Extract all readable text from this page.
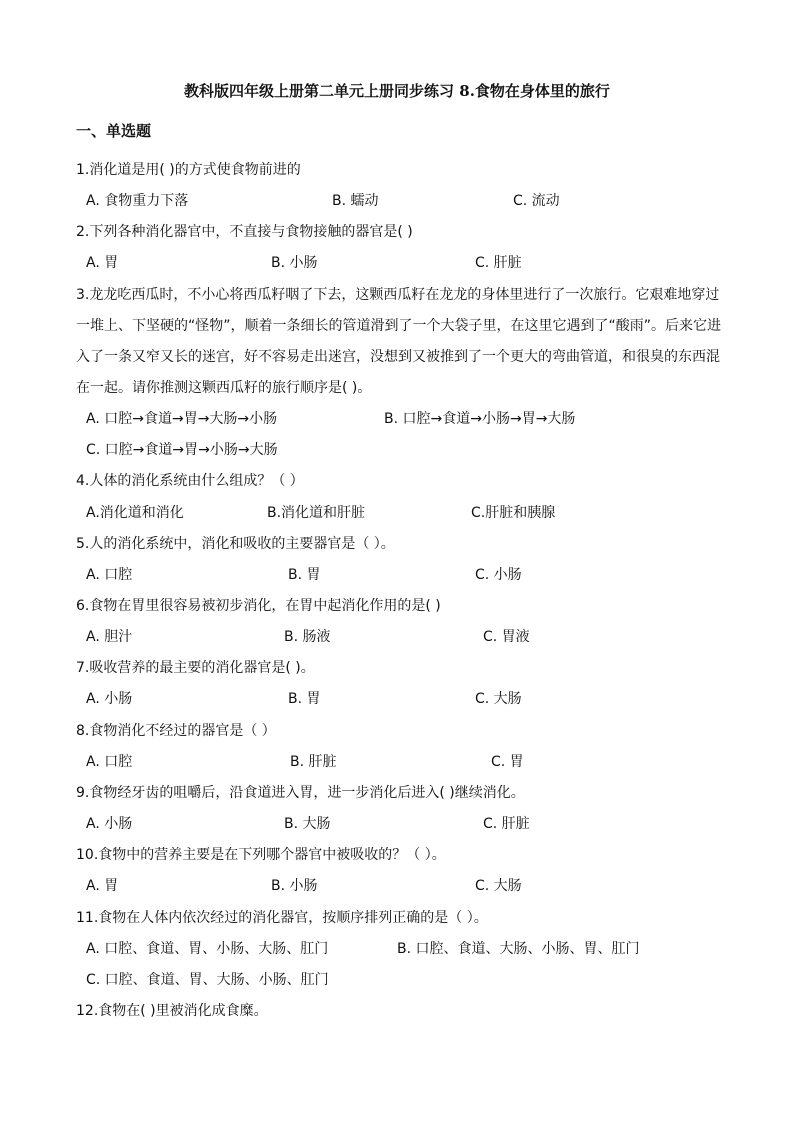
教科版四年级上册第二单元上册同步练习 8.食物在身体里的旅行
一、单选题
1.消化道是用( )的方式使食物前进的
A. 食物重力下落	B. 蠕动	C. 流动
2.下列各种消化器官中，不直接与食物接触的器官是( )
A. 胃	B. 小肠	C. 肝脏
3.龙龙吃西瓜时，不小心将西瓜籽咽了下去，这颗西瓜籽在龙龙的身体里进行了一次旅行。它艰难地穿过一堆上、下坚硬的“怪物”，顺着一条细长的管道滑到了一个大袋子里，在这里它遇到了“酸雨”。后来它进入了一条又窄又长的迷宫，好不容易走出迷宫，没想到又被推到了一个更大的弯曲管道，和很臭的东西混在一起。请你推测这颗西瓜籽的旅行顺序是( )。
A. 口腔→食道→胃→大肠→小肠	B. 口腔→食道→小肠→胃→大肠
C. 口腔→食道→胃→小肠→大肠
4.人体的消化系统由什么组成？（ ）
A.消化道和消化	B.消化道和肝脏	C.肝脏和胰腺
5.人的消化系统中，消化和吸收的主要器官是（ ）。
A. 口腔	B. 胃	C. 小肠
6.食物在胃里很容易被初步消化，在胃中起消化作用的是( )
A. 胆汁	B. 肠液	C. 胃液
7.吸收营养的最主要的消化器官是( )。
A. 小肠	B. 胃	C. 大肠
8.食物消化不经过的器官是（ ）
A. 口腔	B. 肝脏	C. 胃
9.食物经牙齿的咀嚼后，沿食道进入胃，进一步消化后进入( )继续消化。
A. 小肠	B. 大肠	C. 肝脏
10.食物中的营养主要是在下列哪个器官中被吸收的？（ ）。
A. 胃	B. 小肠	C. 大肠
11.食物在人体内依次经过的消化器官，按顺序排列正确的是（ ）。
A. 口腔、食道、胃、小肠、大肠、肛门	B. 口腔、食道、大肠、小肠、胃、肛门
C. 口腔、食道、胃、大肠、小肠、肛门
12.食物在( )里被消化成食糜。
